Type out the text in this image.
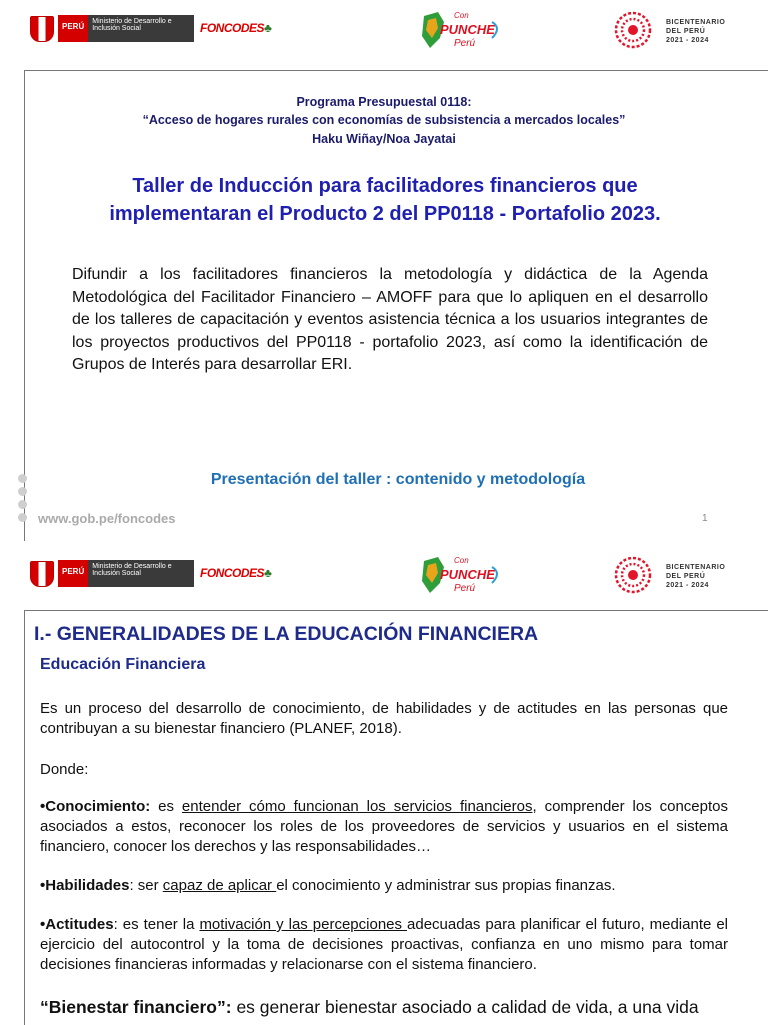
PERÚ
Ministerio de Desarrollo e Inclusión Social	FONCODES♣
Con
PUNCHE
Perú
BICENTENARIO
DEL PERÚ
2021 - 2024
Programa Presupuestal 0118:
“Acceso de hogares rurales con economías de subsistencia a mercados locales”
Haku Wiñay/Noa Jayatai
Taller de Inducción para facilitadores financieros que implementaran el Producto 2 del PP0118 - Portafolio 2023.
Difundir a los facilitadores financieros la metodología y didáctica de la Agenda Metodológica del Facilitador Financiero – AMOFF para que lo apliquen en el desarrollo de los talleres de capacitación y eventos asistencia técnica a los usuarios integrantes de los proyectos productivos del PP0118 - portafolio 2023, así como la identificación de Grupos de Interés para desarrollar ERI.
Presentación del taller : contenido y metodología
www.gob.pe/foncodes	1
PERÚ
Ministerio de Desarrollo e Inclusión Social	FONCODES♣
Con
PUNCHE
Perú
BICENTENARIO
DEL PERÚ
2021 - 2024
I.- GENERALIDADES DE LA EDUCACIÓN FINANCIERA
Educación Financiera
Es un proceso del desarrollo de conocimiento, de habilidades y de actitudes en las personas que contribuyan a su bienestar financiero (PLANEF, 2018).
Donde:
•Conocimiento: es entender cómo funcionan los servicios financieros, comprender los conceptos asociados a estos, reconocer los roles de los proveedores de servicios y usuarios en el sistema financiero, conocer los derechos y las responsabilidades…
•Habilidades: ser capaz de aplicar el conocimiento y administrar sus propias finanzas.
•Actitudes: es tener la motivación y las percepciones adecuadas para planificar el futuro, mediante el ejercicio del autocontrol y la toma de decisiones proactivas, confianza en uno mismo para tomar decisiones financieras informadas y relacionarse con el sistema financiero.
“Bienestar financiero”: es generar bienestar asociado a calidad de vida, a una vida
